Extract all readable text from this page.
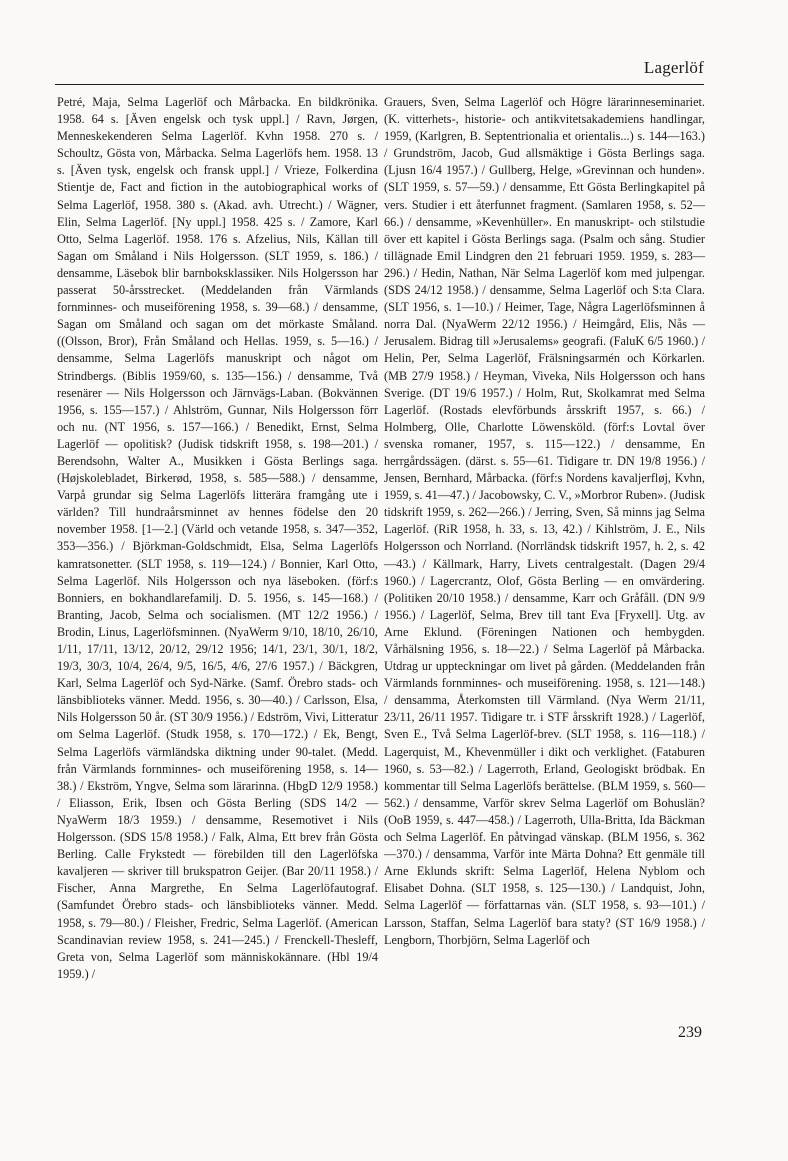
Lagerlöf

Petré, Maja, Selma Lagerlöf och Mårbacka. En bildkrönika. 1958. 64 s. [Även engelsk och tysk uppl.] / Ravn, Jørgen, Menneskekenderen Selma Lagerlöf. Kvhn 1958. 270 s. / Schoultz, Gösta von, Mårbacka. Selma Lagerlöfs hem. 1958. 13 s. [Även tysk, engelsk och fransk uppl.] / Vrieze, Folkerdina Stientje de, Fact and fiction in the autobiographical works of Selma Lagerlöf, 1958. 380 s. (Akad. avh. Utrecht.) / Wägner, Elin, Selma Lagerlöf. [Ny uppl.] 1958. 425 s. / Zamore, Karl Otto, Selma Lagerlöf. 1958. 176 s. Afzelius, Nils, Källan till Sagan om Småland i Nils Holgersson. (SLT 1959, s. 186.) / densamme, Läsebok blir barnboksklassiker. Nils Holgersson har passerat 50-årsstrecket. (Meddelanden från Värmlands fornminnes- och museiförening 1958, s. 39—68.) / densamme, Sagan om Småland och sagan om det mörkaste Småland. ((Olsson, Bror), Från Småland och Hellas. 1959, s. 5—16.) / densamme, Selma Lagerlöfs manuskript och något om Strindbergs. (Biblis 1959/60, s. 135—156.) / densamme, Två resenärer — Nils Holgersson och Järnvägs-Laban. (Bokvännen 1956, s. 155—157.) / Ahlström, Gunnar, Nils Holgersson förr och nu. (NT 1956, s. 157—166.) / Benedikt, Ernst, Selma Lagerlöf — opolitisk? (Judisk tidskrift 1958, s. 198—201.) / Berendsohn, Walter A., Musikken i Gösta Berlings saga. (Højskolebladet, Birkerød, 1958, s. 585—588.) / densamme, Varpå grundar sig Selma Lagerlöfs litterära framgång ute i världen? Till hundraårsminnet av hennes födelse den 20 november 1958. [1—2.] (Värld och vetande 1958, s. 347—352, 353—356.) / Björkman-Goldschmidt, Elsa, Selma Lagerlöfs kamratsonetter. (SLT 1958, s. 119—124.) / Bonnier, Karl Otto, Selma Lagerlöf. Nils Holgersson och nya läseboken. (förf:s Bonniers, en bokhandlarefamilj. D. 5. 1956, s. 145—168.) / Branting, Jacob, Selma och socialismen. (MT 12/2 1956.) / Brodin, Linus, Lagerlöfsminnen. (NyaWerm 9/10, 18/10, 26/10, 1/11, 17/11, 13/12, 20/12, 29/12 1956; 14/1, 23/1, 30/1, 18/2, 19/3, 30/3, 10/4, 26/4, 9/5, 16/5, 4/6, 27/6 1957.) / Bäckgren, Karl, Selma Lagerlöf och Syd-Närke. (Samf. Örebro stads- och länsbiblioteks vänner. Medd. 1956, s. 30—40.) / Carlsson, Elsa, Nils Holgersson 50 år. (ST 30/9 1956.) / Edström, Vivi, Litteratur om Selma Lagerlöf. (Studk 1958, s. 170—172.) / Ek, Bengt, Selma Lagerlöfs värmländska diktning under 90-talet. (Medd. från Värmlands fornminnes- och museiförening 1958, s. 14—38.) / Ekström, Yngve, Selma som lärarinna. (HbgD 12/9 1958.) / Eliasson, Erik, Ibsen och Gösta Berling (SDS 14/2 — NyaWerm 18/3 1959.) / densamme, Resemotivet i Nils Holgersson. (SDS 15/8 1958.) / Falk, Alma, Ett brev från Gösta Berling. Calle Frykstedt — förebilden till den Lagerlöfska kavaljeren — skriver till brukspatron Geijer. (Bar 20/11 1958.) / Fischer, Anna Margrethe, En Selma Lagerlöfautograf. (Samfundet Örebro stads- och länsbiblioteks vänner. Medd. 1958, s. 79—80.) / Fleisher, Fredric, Selma Lagerlöf. (American Scandinavian review 1958, s. 241—245.) / Frenckell-Thesleff, Greta von, Selma Lagerlöf som människokännare. (Hbl 19/4 1959.) /

Grauers, Sven, Selma Lagerlöf och Högre lärarinneseminariet. (K. vitterhets-, historie- och antikvitetsakademiens handlingar, 1959, (Karlgren, B. Septentrionalia et orientalis...) s. 144—163.) / Grundström, Jacob, Gud allsmäktige i Gösta Berlings saga. (Ljusn 16/4 1957.) / Gullberg, Helge, »Grevinnan och hunden». (SLT 1959, s. 57—59.) / densamme, Ett Gösta Berlingkapitel på vers. Studier i ett återfunnet fragment. (Samlaren 1958, s. 52—66.) / densamme, »Kevenhüller». En manuskript- och stilstudie över ett kapitel i Gösta Berlings saga. (Psalm och sång. Studier tillägnade Emil Lindgren den 21 februari 1959. 1959, s. 283—296.) / Hedin, Nathan, När Selma Lagerlöf kom med julpengar. (SDS 24/12 1958.) / densamme, Selma Lagerlöf och S:ta Clara. (SLT 1956, s. 1—10.) / Heimer, Tage, Några Lagerlöfsminnen å norra Dal. (NyaWerm 22/12 1956.) / Heimgård, Elis, Nås — Jerusalem. Bidrag till »Jerusalems» geografi. (FaluK 6/5 1960.) / Helin, Per, Selma Lagerlöf, Frälsningsarmén och Körkarlen. (MB 27/9 1958.) / Heyman, Viveka, Nils Holgersson och hans Sverige. (DT 19/6 1957.) / Holm, Rut, Skolkamrat med Selma Lagerlöf. (Rostads elevförbunds årsskrift 1957, s. 66.) / Holmberg, Olle, Charlotte Löwensköld. (förf:s Lovtal över svenska romaner, 1957, s. 115—122.) / densamme, En herrgårdssägen. (därst. s. 55—61. Tidigare tr. DN 19/8 1956.) / Jensen, Bernhard, Mårbacka. (förf:s Nordens kavaljerfløj, Kvhn, 1959, s. 41—47.) / Jacobowsky, C. V., »Morbror Ruben». (Judisk tidskrift 1959, s. 262—266.) / Jerring, Sven, Så minns jag Selma Lagerlöf. (RiR 1958, h. 33, s. 13, 42.) / Kihlström, J. E., Nils Holgersson och Norrland. (Norrländsk tidskrift 1957, h. 2, s. 42—43.) / Källmark, Harry, Livets centralgestalt. (Dagen 29/4 1960.) / Lagercrantz, Olof, Gösta Berling — en omvärdering. (Politiken 20/10 1958.) / densamme, Karr och Gråfåll. (DN 9/9 1956.) / Lagerlöf, Selma, Brev till tant Eva [Fryxell]. Utg. av Arne Eklund. (Föreningen Nationen och hembygden. Vårhälsning 1956, s. 18—22.) / Selma Lagerlöf på Mårbacka. Utdrag ur uppteckningar om livet på gården. (Meddelanden från Värmlands fornminnes- och museiförening. 1958, s. 121—148.) / densamma, Återkomsten till Värmland. (Nya Werm 21/11, 23/11, 26/11 1957. Tidigare tr. i STF årsskrift 1928.) / Lagerlöf, Sven E., Två Selma Lagerlöf-brev. (SLT 1958, s. 116—118.) / Lagerquist, M., Khevenmüller i dikt och verklighet. (Fataburen 1960, s. 53—82.) / Lagerroth, Erland, Geologiskt brödbak. En kommentar till Selma Lagerlöfs berättelse. (BLM 1959, s. 560—562.) / densamme, Varför skrev Selma Lagerlöf om Bohuslän? (OoB 1959, s. 447—458.) / Lagerroth, Ulla-Britta, Ida Bäckman och Selma Lagerlöf. En påtvingad vänskap. (BLM 1956, s. 362—370.) / densamma, Varför inte Märta Dohna? Ett genmäle till Arne Eklunds skrift: Selma Lagerlöf, Helena Nyblom och Elisabet Dohna. (SLT 1958, s. 125—130.) / Landquist, John, Selma Lagerlöf — författarnas vän. (SLT 1958, s. 93—101.) / Larsson, Staffan, Selma Lagerlöf bara staty? (ST 16/9 1958.) / Lengborn, Thorbjörn, Selma Lagerlöf och

239
